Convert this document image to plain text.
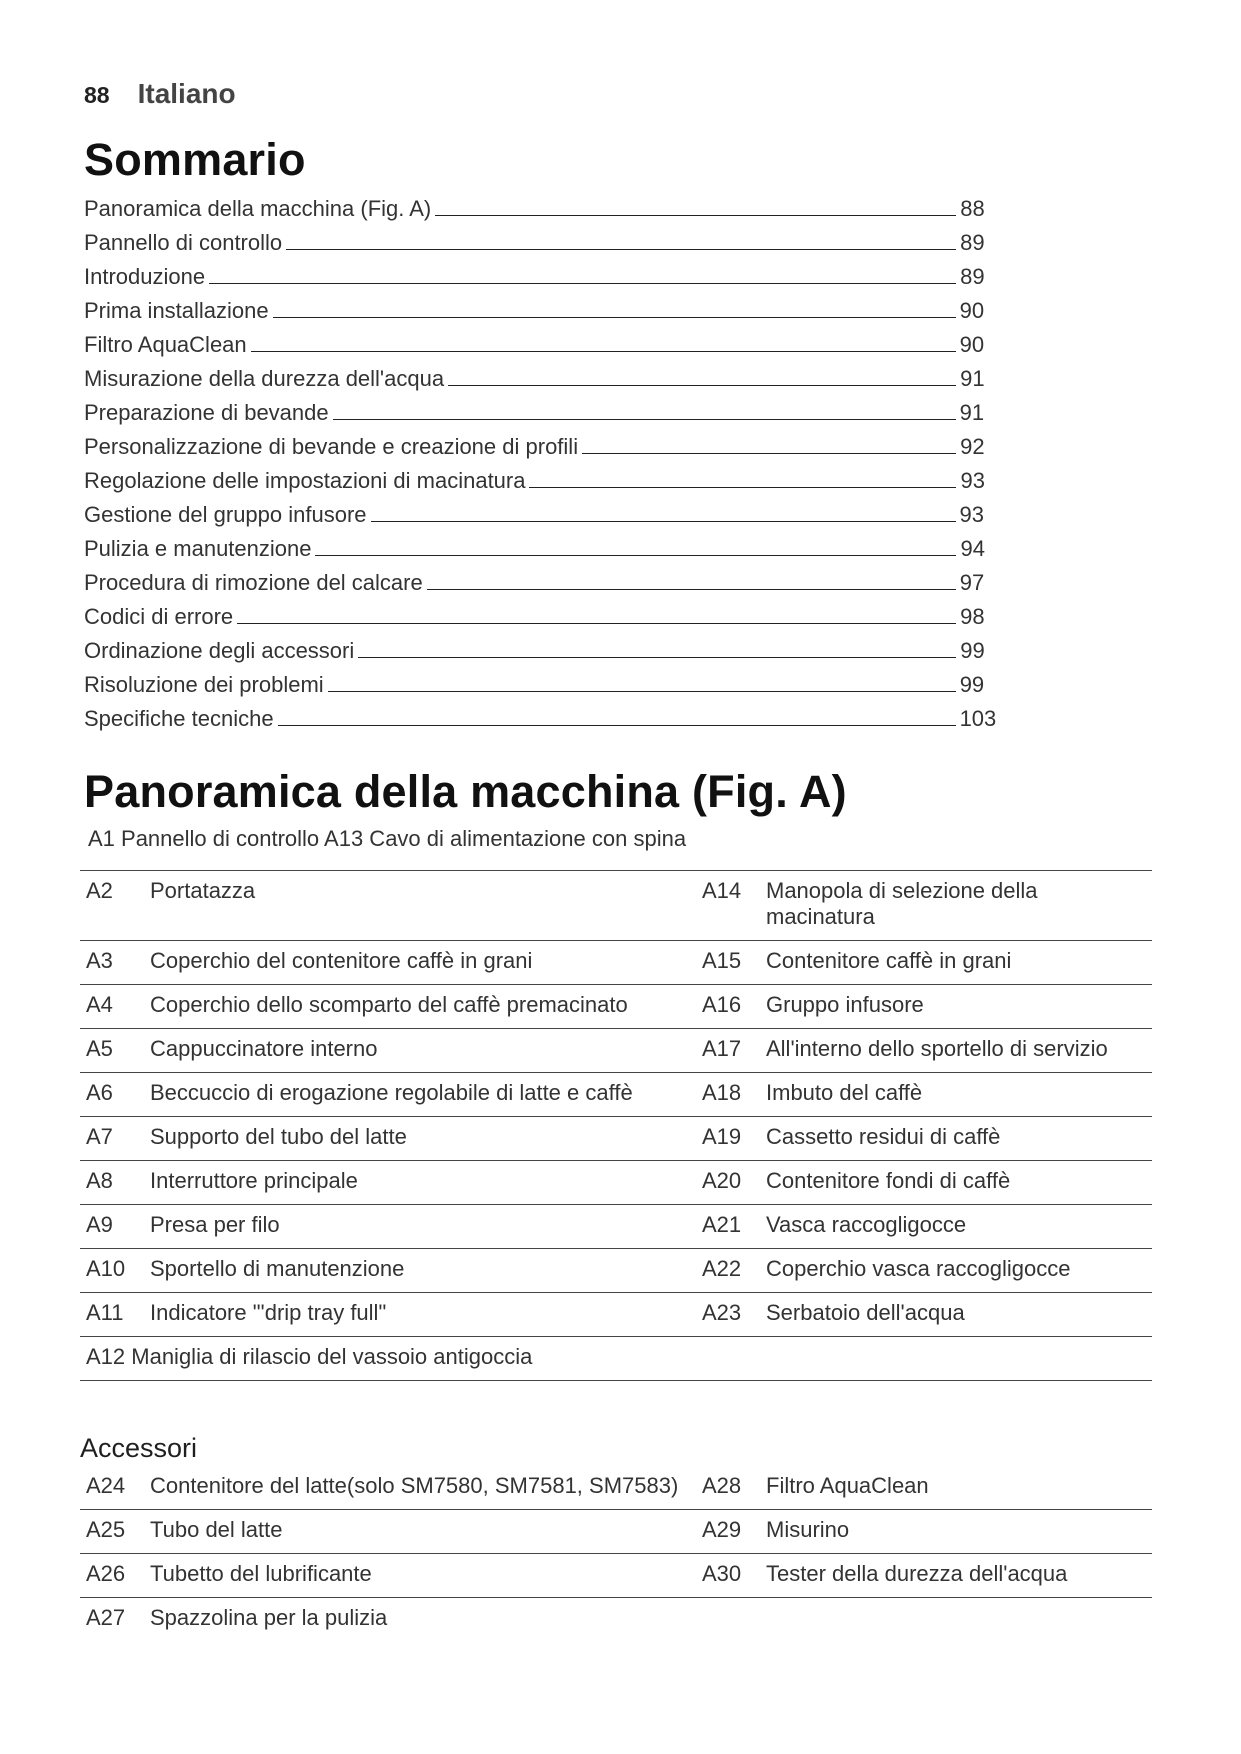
88 Italiano
Sommario
Panoramica della macchina (Fig. A)	88
Pannello di controllo	89
Introduzione	89
Prima installazione	90
Filtro AquaClean	90
Misurazione della durezza dell'acqua	91
Preparazione di bevande	91
Personalizzazione di bevande e creazione di profili	92
Regolazione delle impostazioni di macinatura	93
Gestione del gruppo infusore	93
Pulizia e manutenzione	94
Procedura di rimozione del calcare	97
Codici di errore	98
Ordinazione degli accessori	99
Risoluzione dei problemi	99
Specifiche tecniche	103
Panoramica della macchina (Fig. A)
A1 Pannello di controllo A13 Cavo di alimentazione con spina
A2	Portatazza	A14	Manopola di selezione della macinatura
A3	Coperchio del contenitore caffè in grani	A15	Contenitore caffè in grani
A4	Coperchio dello scomparto del caffè premacinato	A16	Gruppo infusore
A5	Cappuccinatore interno	A17	All'interno dello sportello di servizio
A6	Beccuccio di erogazione regolabile di latte e caffè	A18	Imbuto del caffè
A7	Supporto del tubo del latte	A19	Cassetto residui di caffè
A8	Interruttore principale	A20	Contenitore fondi di caffè
A9	Presa per filo	A21	Vasca raccogligocce
A10	Sportello di manutenzione	A22	Coperchio vasca raccogligocce
A11	Indicatore "'drip tray full"	A23	Serbatoio dell'acqua
A12 Maniglia di rilascio del vassoio antigoccia			
Accessori
A24	Contenitore del latte(solo SM7580, SM7581, SM7583)	A28	Filtro AquaClean
A25	Tubo del latte	A29	Misurino
A26	Tubetto del lubrificante	A30	Tester della durezza dell'acqua
A27	Spazzolina per la pulizia		
